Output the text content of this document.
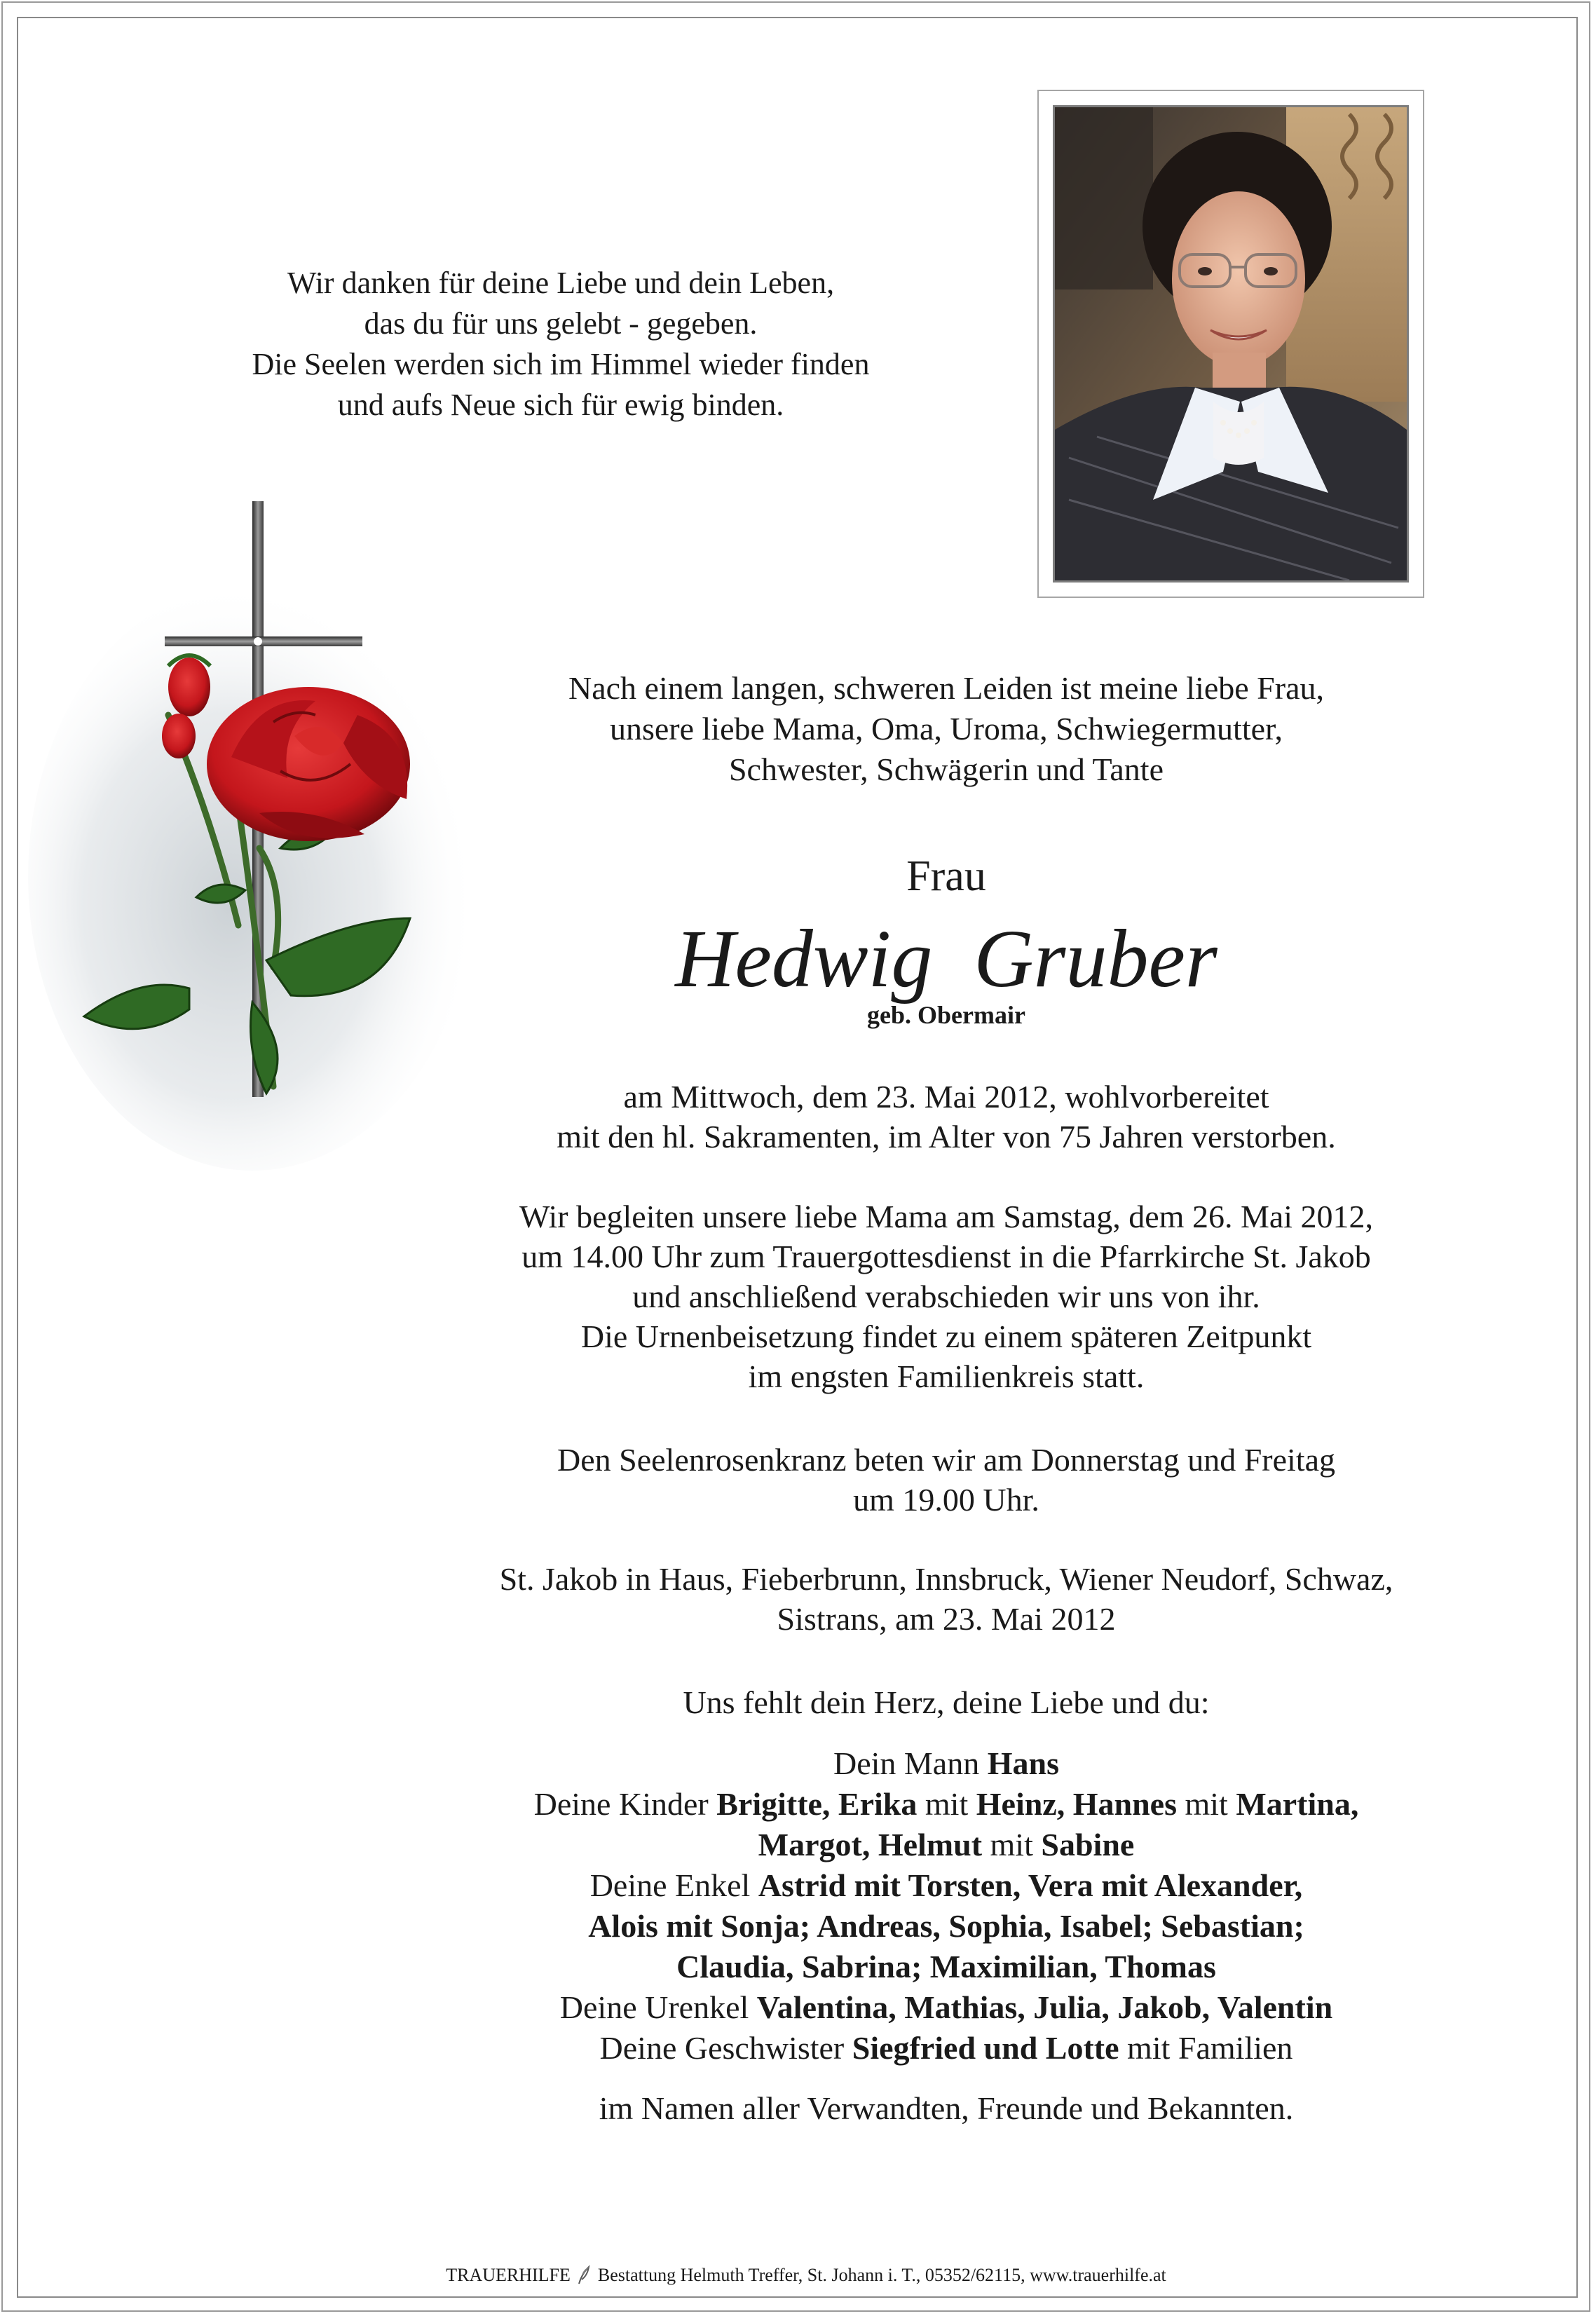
Wir danken für deine Liebe und dein Leben,
das du für uns gelebt - gegeben.
Die Seelen werden sich im Himmel wieder finden
und aufs Neue sich für ewig binden.
Nach einem langen, schweren Leiden ist meine liebe Frau,
unsere liebe Mama, Oma, Uroma, Schwiegermutter,
Schwester, Schwägerin und Tante
Frau
Hedwig  Gruber
geb. Obermair
am Mittwoch, dem 23. Mai 2012, wohlvorbereitet
mit den hl. Sakramenten, im Alter von 75 Jahren verstorben.
Wir begleiten unsere liebe Mama am Samstag, dem 26. Mai 2012,
um 14.00 Uhr zum Trauergottesdienst in die Pfarrkirche St. Jakob
und anschließend verabschieden wir uns von ihr.
Die Urnenbeisetzung findet zu einem späteren Zeitpunkt
im engsten Familienkreis statt.
Den Seelenrosenkranz beten wir am Donnerstag und Freitag
um 19.00 Uhr.
St. Jakob in Haus, Fieberbrunn, Innsbruck, Wiener Neudorf, Schwaz,
Sistrans, am 23. Mai 2012
Uns fehlt dein Herz, deine Liebe und du:
Dein Mann Hans
Deine Kinder Brigitte, Erika mit Heinz, Hannes mit Martina,
Margot, Helmut mit Sabine
Deine Enkel Astrid mit Torsten, Vera mit Alexander,
Alois mit Sonja; Andreas, Sophia, Isabel; Sebastian;
Claudia, Sabrina; Maximilian, Thomas
Deine Urenkel Valentina, Mathias, Julia, Jakob, Valentin
Deine Geschwister Siegfried und Lotte mit Familien
im Namen aller Verwandten, Freunde und Bekannten.
TRAUERHILFE Bestattung Helmuth Treffer, St. Johann i. T., 05352/62115, www.trauerhilfe.at
